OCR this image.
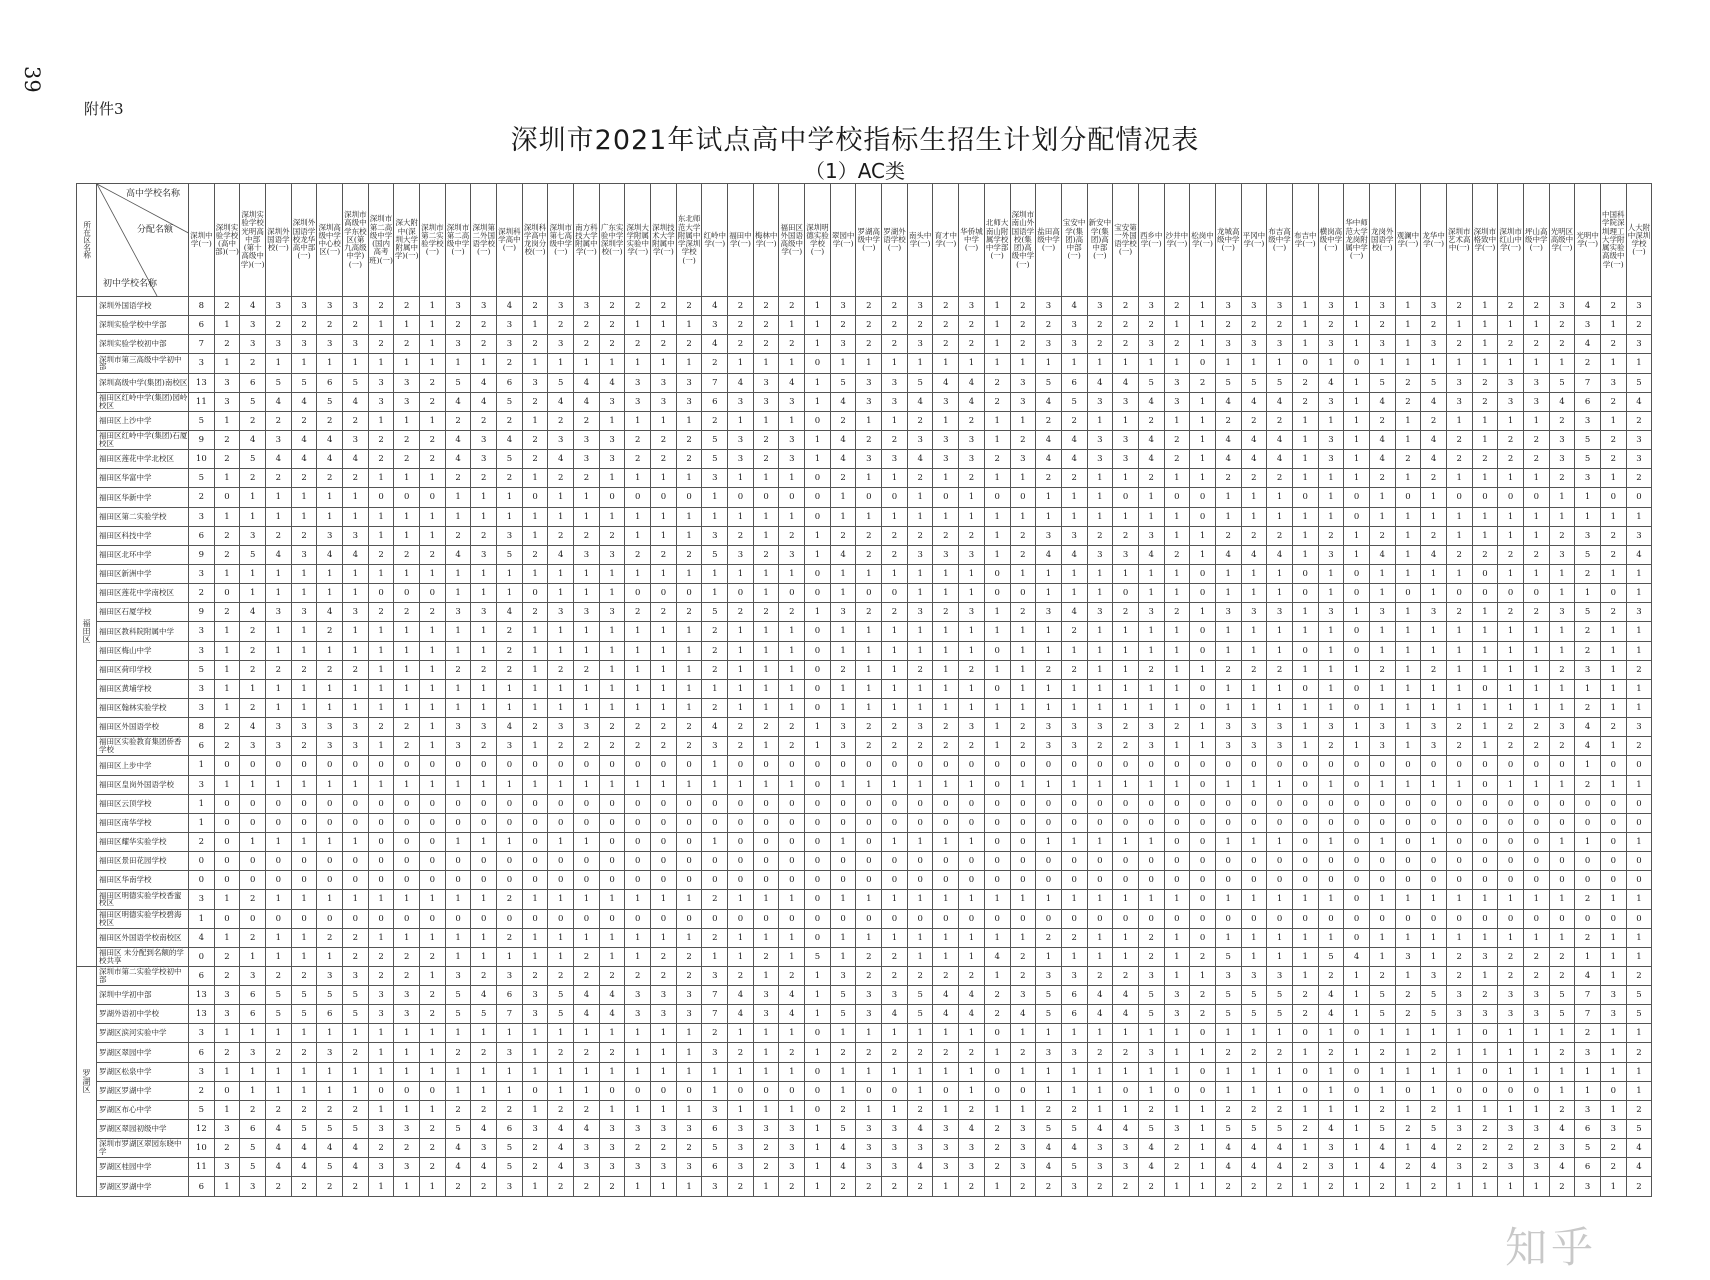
39
附件3
深圳市2021年试点高中学校指标生招生计划分配情况表
（1）AC类
所在区名称	高中学校名称
分配名额
初中学校名称	深圳中学(一)	深圳实验学校(高中部)(一)	深圳实验学校光明高中部(第十高级中学)(一)	深圳外国语学校(一)	深圳外国语学校龙华高中部(一)	深圳高级中学中心校区(一)	深圳市高级中学东校区(第九高级中学)(一)	深圳市第二高级中学(国内高考班)(一)	深大附中(深圳大学附属中学)(一)	深圳市第二实验学校(一)	深圳市第二高级中学(一)	深圳第二外国语学校(一)	深圳科学高中(一)	深圳科学高中龙岗分校(一)	深圳市第七高级中学(一)	南方科技大学附属中学(一)	广东实验中学深圳学校(一)	深圳大学附属实验中学(一)	深圳技术大学附属中学(一)	东北师范大学附属中学深圳学校(一)	红岭中学(一)	福田中学(一)	梅林中学(一)	福田区外国语高级中学(一)	深圳明德实验学校(一)	翠园中学(一)	罗湖高级中学(一)	罗湖外语学校(一)	南头中学(一)	育才中学(一)	华侨城中学(一)	北师大南山附属学校中学部(一)	深圳市南山外国语学校(集团)高级中学(一)	盐田高级中学(一)	宝安中学(集团)高中部(一)	新安中学(集团)高中部(一)	宝安第一外国语学校(一)	西乡中学(一)	沙井中学(一)	松岗中学(一)	龙城高级中学(一)	平冈中学(一)	布吉高级中学(一)	布吉中学(一)	横岗高级中学(一)	华中师范大学龙岗附属中学(一)	龙岗外国语学校(一)	观澜中学(一)	龙华中学(一)	深圳市艺术高中(一)	深圳市格致中学(一)	深圳市红山中学(一)	坪山高级中学(一)	光明区高级中学(一)	光明中学(一)	中国科学院深圳理工大学附属实验高级中学(一)	人大附中深圳学校(一)
福田区	深圳外国语学校	8	2	4	3	3	3	3	2	2	1	3	3	4	2	3	3	2	2	2	2	4	2	2	2	1	3	2	2	3	2	3	1	2	3	4	3	2	3	2	1	3	3	3	1	3	1	3	1	3	2	1	2	2	3	4	2	3
	深圳实验学校中学部	6	1	3	2	2	2	2	1	1	1	2	2	3	1	2	2	2	1	1	1	3	2	2	1	1	2	2	2	2	2	2	1	2	2	3	2	2	2	1	1	2	2	2	1	2	1	2	1	2	1	1	1	1	2	3	1	2
	深圳实验学校初中部	7	2	3	3	3	3	3	2	2	1	3	2	3	2	3	2	2	2	2	2	4	2	2	2	1	3	2	2	3	2	2	1	2	3	3	2	2	3	2	1	3	3	3	1	3	1	3	1	3	2	1	2	2	2	4	2	3
	深圳市第三高级中学初中部	3	1	2	1	1	1	1	1	1	1	1	1	2	1	1	1	1	1	1	1	2	1	1	1	0	1	1	1	1	1	1	1	1	1	1	1	1	1	1	0	1	1	1	0	1	0	1	1	1	1	1	1	1	1	2	1	1
	深圳高级中学(集团)南校区	13	3	6	5	5	6	5	3	3	2	5	4	6	3	5	4	4	3	3	3	7	4	3	4	1	5	3	3	5	4	4	2	3	5	6	4	4	5	3	2	5	5	5	2	4	1	5	2	5	3	2	3	3	5	7	3	5
	福田区红岭中学(集团)园岭校区	11	3	5	4	4	5	4	3	3	2	4	4	5	2	4	4	3	3	3	3	6	3	3	3	1	4	3	3	4	3	4	2	3	4	5	3	3	4	3	1	4	4	4	2	3	1	4	2	4	3	2	3	3	4	6	2	4
	福田区上沙中学	5	1	2	2	2	2	2	1	1	1	2	2	2	1	2	2	1	1	1	1	2	1	1	1	0	2	1	1	2	1	2	1	1	2	2	1	1	2	1	1	2	2	2	1	1	1	2	1	2	1	1	1	1	2	3	1	2
	福田区红岭中学(集团)石厦校区	9	2	4	3	4	4	3	2	2	2	4	3	4	2	3	3	3	2	2	2	5	3	2	3	1	4	2	2	3	3	3	1	2	4	4	3	3	4	2	1	4	4	4	1	3	1	4	1	4	2	1	2	2	3	5	2	3
	福田区莲花中学北校区	10	2	5	4	4	4	4	2	2	2	4	3	5	2	4	3	3	2	2	2	5	3	2	3	1	4	3	3	4	3	3	2	3	4	4	3	3	4	2	1	4	4	4	1	3	1	4	2	4	2	2	2	2	3	5	2	3
	福田区华富中学	5	1	2	2	2	2	2	1	1	1	2	2	2	1	2	2	1	1	1	1	3	1	1	1	0	2	1	1	2	1	2	1	1	2	2	1	1	2	1	1	2	2	2	1	1	1	2	1	2	1	1	1	1	2	3	1	2
	福田区华新中学	2	0	1	1	1	1	1	0	0	0	1	1	1	0	1	1	0	0	0	0	1	0	0	0	0	1	0	0	1	0	1	0	0	1	1	1	0	1	0	0	1	1	1	0	1	0	1	0	1	0	0	0	0	1	1	0	0
	福田区第二实验学校	3	1	1	1	1	1	1	1	1	1	1	1	1	1	1	1	1	1	1	1	1	1	1	1	0	1	1	1	1	1	1	1	1	1	1	1	1	1	1	0	1	1	1	1	1	0	1	1	1	1	1	1	1	1	1	1	1
	福田区科技中学	6	2	3	2	2	3	3	1	1	1	2	2	3	1	2	2	2	1	1	1	3	2	1	2	1	2	2	2	2	2	2	1	2	3	3	2	2	3	1	1	2	2	2	1	2	1	2	1	2	1	1	1	1	2	3	2	3
	福田区北环中学	9	2	5	4	3	4	4	2	2	2	4	3	5	2	4	3	3	2	2	2	5	3	2	3	1	4	2	2	3	3	3	1	2	4	4	3	3	4	2	1	4	4	4	1	3	1	4	1	4	2	2	2	2	3	5	2	4
	福田区新洲中学	3	1	1	1	1	1	1	1	1	1	1	1	1	1	1	1	1	1	1	1	1	1	1	1	0	1	1	1	1	1	1	0	1	1	1	1	1	1	1	0	1	1	1	0	1	0	1	1	1	1	0	1	1	1	2	1	1
	福田区莲花中学南校区	2	0	1	1	1	1	1	0	0	0	1	1	1	0	1	1	1	0	0	0	1	0	1	0	0	1	0	0	1	1	1	0	0	1	1	1	0	1	1	0	1	1	1	0	1	0	1	0	1	0	0	0	0	1	1	0	1
	福田区石厦学校	9	2	4	3	3	4	3	2	2	2	3	3	4	2	3	3	3	2	2	2	5	2	2	2	1	3	2	2	3	2	3	1	2	3	4	3	2	3	2	1	3	3	3	1	3	1	3	1	3	2	1	2	2	3	5	2	3
	福田区教科院附属中学	3	1	2	1	1	2	1	1	1	1	1	1	2	1	1	1	1	1	1	1	2	1	1	1	0	1	1	1	1	1	1	1	1	1	2	1	1	1	1	0	1	1	1	1	1	0	1	1	1	1	1	1	1	1	2	1	1
	福田区梅山中学	3	1	2	1	1	1	1	1	1	1	1	1	2	1	1	1	1	1	1	1	2	1	1	1	0	1	1	1	1	1	1	0	1	1	1	1	1	1	1	0	1	1	1	0	1	0	1	1	1	1	1	1	1	1	2	1	1
	福田区荷印学校	5	1	2	2	2	2	2	1	1	1	2	2	2	1	2	2	1	1	1	1	2	1	1	1	0	2	1	1	2	1	2	1	1	2	2	1	1	2	1	1	2	2	2	1	1	1	2	1	2	1	1	1	1	2	3	1	2
	福田区黄埔学校	3	1	1	1	1	1	1	1	1	1	1	1	1	1	1	1	1	1	1	1	1	1	1	1	0	1	1	1	1	1	1	0	1	1	1	1	1	1	1	0	1	1	1	0	1	0	1	1	1	1	0	1	1	1	1	1	1
	福田区翰林实验学校	3	1	2	1	1	1	1	1	1	1	1	1	1	1	1	1	1	1	1	1	2	1	1	1	0	1	1	1	1	1	1	1	1	1	1	1	1	1	1	0	1	1	1	1	1	0	1	1	1	1	1	1	1	1	2	1	1
	福田区外国语学校	8	2	4	3	3	3	3	2	2	1	3	3	4	2	3	3	2	2	2	2	4	2	2	2	1	3	2	2	3	2	3	1	2	3	3	3	2	3	2	1	3	3	3	1	3	1	3	1	3	2	1	2	2	3	4	2	3
	福田区实验教育集团侨香学校	6	2	3	3	2	3	3	1	2	1	3	2	3	1	2	2	2	2	2	2	3	2	1	2	1	3	2	2	2	2	2	1	2	3	3	2	2	3	1	1	3	3	3	1	2	1	3	1	3	2	1	2	2	2	4	1	2
	福田区上步中学	1	0	0	0	0	0	0	0	0	0	0	0	0	0	0	0	0	0	0	0	1	0	0	0	0	0	0	0	0	0	0	0	0	0	0	0	0	0	0	0	0	0	0	0	0	0	0	0	0	0	0	0	0	0	1	0	0
	福田区皇岗外国语学校	3	1	1	1	1	1	1	1	1	1	1	1	1	1	1	1	1	1	1	1	1	1	1	1	0	1	1	1	1	1	1	0	1	1	1	1	1	1	1	0	1	1	1	0	1	0	1	1	1	1	0	1	1	1	2	1	1
	福田区云顶学校	1	0	0	0	0	0	0	0	0	0	0	0	0	0	0	0	0	0	0	0	0	0	0	0	0	0	0	0	0	0	0	0	0	0	0	0	0	0	0	0	0	0	0	0	0	0	0	0	0	0	0	0	0	0	0	0	0
	福田区南华学校	1	0	0	0	0	0	0	0	0	0	0	0	0	0	0	0	0	0	0	0	0	0	0	0	0	0	0	0	0	0	0	0	0	0	0	0	0	0	0	0	0	0	0	0	0	0	0	0	0	0	0	0	0	0	0	0	0
	福田区耀华实验学校	2	0	1	1	1	1	1	0	0	0	1	1	1	0	1	1	0	0	0	0	1	0	0	0	0	1	0	1	1	1	1	0	0	1	1	1	1	1	0	0	1	1	1	0	1	0	1	0	1	0	0	0	0	1	1	0	1
	福田区景田花园学校	0	0	0	0	0	0	0	0	0	0	0	0	0	0	0	0	0	0	0	0	0	0	0	0	0	0	0	0	0	0	0	0	0	0	0	0	0	0	0	0	0	0	0	0	0	0	0	0	0	0	0	0	0	0	0	0	0
	福田区华南学校	0	0	0	0	0	0	0	0	0	0	0	0	0	0	0	0	0	0	0	0	0	0	0	0	0	0	0	0	0	0	0	0	0	0	0	0	0	0	0	0	0	0	0	0	0	0	0	0	0	0	0	0	0	0	0	0	0
	福田区明德实验学校香蜜校区	3	1	2	1	1	1	1	1	1	1	1	1	2	1	1	1	1	1	1	1	2	1	1	1	0	1	1	1	1	1	1	1	1	1	1	1	1	1	1	0	1	1	1	1	1	0	1	1	1	1	1	1	1	1	2	1	1
	福田区明德实验学校碧海校区	1	0	0	0	0	0	0	0	0	0	0	0	0	0	0	0	0	0	0	0	0	0	0	0	0	0	0	0	0	0	0	0	0	0	0	0	0	0	0	0	0	0	0	0	0	0	0	0	0	0	0	0	0	0	0	0	0
	福田区外国语学校南校区	4	1	2	1	1	2	2	1	1	1	1	1	2	1	1	1	1	1	1	1	2	1	1	1	0	1	1	1	1	1	1	1	1	2	2	1	1	2	1	0	1	1	1	1	1	0	1	1	1	1	1	1	1	1	2	1	1
	福田区 未分配到名额的学校共享	0	2	1	1	1	1	2	2	2	2	1	1	1	1	1	2	1	1	2	2	1	1	2	1	5	1	2	2	1	1	1	4	2	1	1	1	1	2	1	2	5	1	1	1	5	4	1	3	1	2	3	2	2	2	1	1	1
罗湖区	深圳市第二实验学校初中部	6	2	3	2	2	3	3	2	2	1	3	2	3	2	2	2	2	2	2	2	3	2	1	2	1	3	2	2	2	2	2	1	2	3	3	2	2	3	1	1	3	3	3	1	2	1	2	1	3	2	1	2	2	2	4	1	2
	深圳中学初中部	13	3	6	5	5	5	5	3	3	2	5	4	6	3	5	4	4	3	3	3	7	4	3	4	1	5	3	3	5	4	4	2	3	5	6	4	4	5	3	2	5	5	5	2	4	1	5	2	5	3	2	3	3	5	7	3	5
	罗湖外语初中学校	13	3	6	5	5	6	5	3	3	2	5	5	7	3	5	4	4	3	3	3	7	4	3	4	1	5	3	4	5	4	4	2	4	5	6	4	4	5	3	2	5	5	5	2	4	1	5	2	5	3	3	3	3	5	7	3	5
	罗湖区滨河实验中学	3	1	1	1	1	1	1	1	1	1	1	1	1	1	1	1	1	1	1	1	2	1	1	1	0	1	1	1	1	1	1	0	1	1	1	1	1	1	1	0	1	1	1	0	1	0	1	1	1	1	0	1	1	1	2	1	1
	罗湖区翠园中学	6	2	3	2	2	3	2	1	1	1	2	2	3	1	2	2	2	1	1	1	3	2	1	2	1	2	2	2	2	2	2	1	2	3	3	2	2	3	1	1	2	2	2	1	2	1	2	1	2	1	1	1	1	2	3	1	2
	罗湖区松泉中学	3	1	1	1	1	1	1	1	1	1	1	1	1	1	1	1	1	1	1	1	1	1	1	1	0	1	1	1	1	1	1	0	1	1	1	1	1	1	1	0	1	1	1	0	1	0	1	1	1	1	0	1	1	1	1	1	1
	罗湖区罗湖中学	2	0	1	1	1	1	1	0	0	0	1	1	1	0	1	1	0	0	0	0	1	0	0	0	0	1	0	0	1	0	1	0	0	1	1	1	0	1	0	0	1	1	1	0	1	0	1	0	1	0	0	0	0	1	1	0	1
	罗湖区布心中学	5	1	2	2	2	2	2	1	1	1	2	2	2	1	2	2	1	1	1	1	3	1	1	1	0	2	1	1	2	1	2	1	1	2	2	1	1	2	1	1	2	2	2	1	1	1	2	1	2	1	1	1	1	2	3	1	2
	罗湖区翠园初级中学	12	3	6	4	5	5	5	3	3	2	5	4	6	3	4	4	3	3	3	3	6	3	3	3	1	5	3	3	4	3	4	2	3	5	5	4	4	5	3	1	5	5	5	2	4	1	5	2	5	3	2	3	3	4	6	3	5
	深圳市罗湖区翠园东晓中学	10	2	5	4	4	4	4	2	2	2	4	3	5	2	4	3	3	2	2	2	5	3	2	3	1	4	3	3	3	3	3	2	3	4	4	3	3	4	2	1	4	4	4	1	3	1	4	1	4	2	2	2	2	3	5	2	4
	罗湖区桂园中学	11	3	5	4	4	5	4	3	3	2	4	4	5	2	4	3	3	3	3	3	6	3	2	3	1	4	3	3	4	3	3	2	3	4	5	3	3	4	2	1	4	4	4	2	3	1	4	2	4	3	2	3	3	4	6	2	4
	罗湖区罗湖中学	6	1	3	2	2	2	2	1	1	1	2	2	3	1	2	2	2	1	1	1	3	2	1	2	1	2	2	2	2	1	2	1	2	2	3	2	2	2	1	1	2	2	2	1	2	1	2	1	2	1	1	1	1	2	3	1	2
知乎
